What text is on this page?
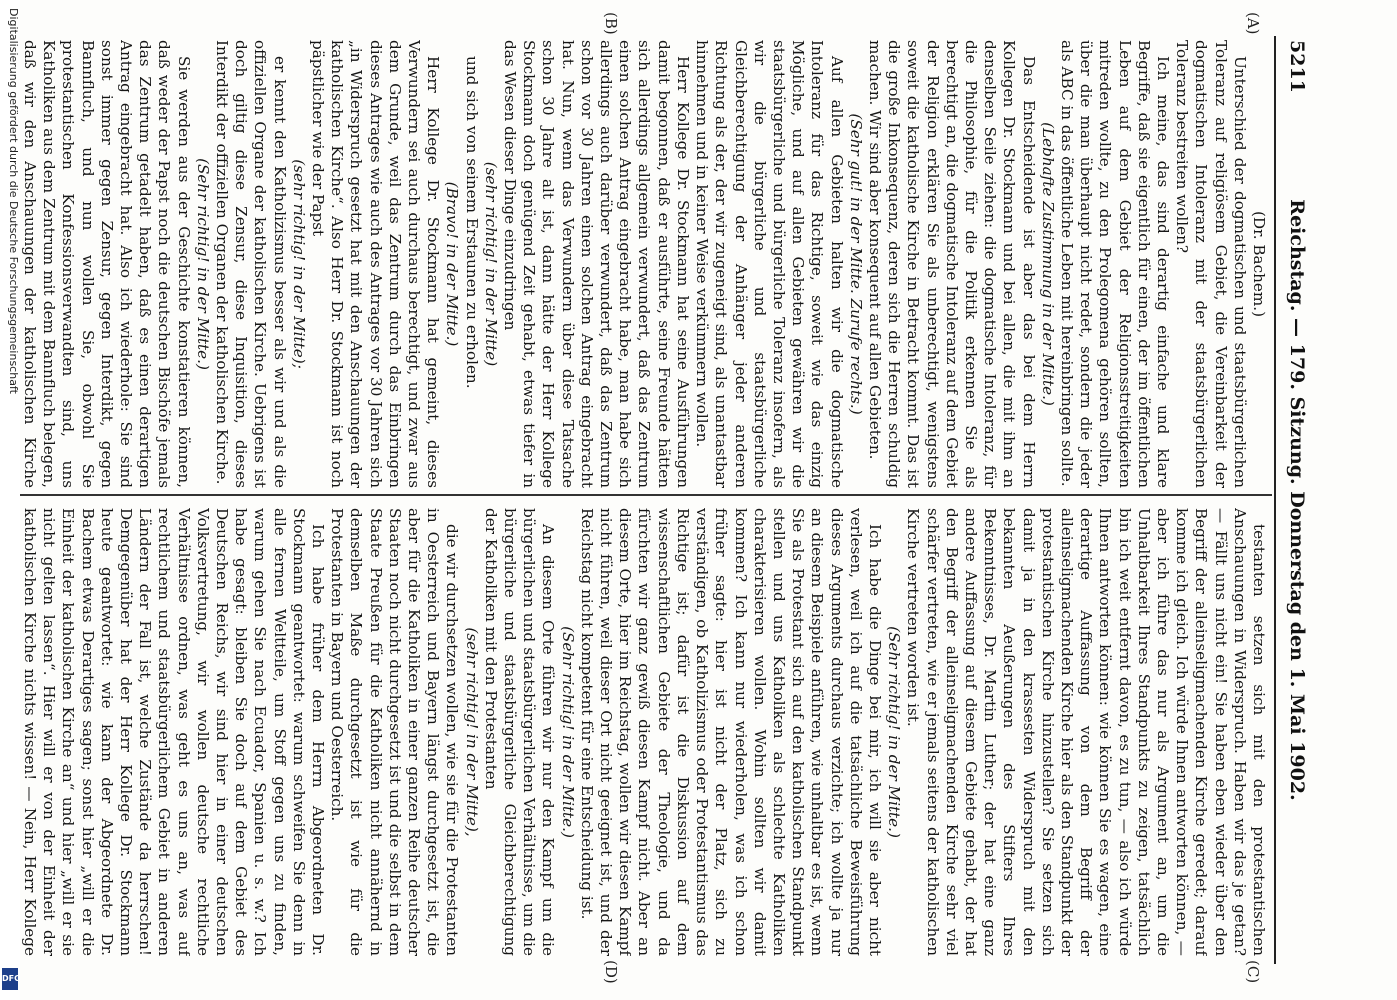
5211
Reichstag. — 179. Sitzung. Donnerstag den 1. Mai 1902.
(A)
(B)
(C)
(D)

(Dr. Bachem.)

Unterschied der dogmatischen und staatsbürgerlichen Toleranz auf religiösem Gebiet, die Vereinbarkeit der dogmatischen Intoleranz mit der staatsbürgerlichen Toleranz bestreiten wollen?

Ich meine, das sind derartig einfache und klare Begriffe, daß sie eigentlich für einen, der im öffentlichen Leben auf dem Gebiet der Religionsstreitigkeiten mitreden wollte, zu den Prolegomena gehören sollten, über die man überhaupt nicht redet, sondern die jeder als ABC in das öffentliche Leben mit hereinbringen sollte.

(Lebhafte Zustimmung in der Mitte.)

Das Entscheidende ist aber das bei dem Herrn Kollegen Dr. Stockmann und bei allen, die mit ihm an denselben Seile ziehen: die dogmatische Intoleranz, für die Philosophie, für die Politik erkennen Sie als berechtigt an, die dogmatische Intoleranz auf dem Gebiet der Religion erklären Sie als unberechtigt, wenigstens soweit die katholische Kirche in Betracht kommt. Das ist die große Inkonsequenz, deren sich die Herren schuldig machen. Wir sind aber konsequent auf allen Gebieten.

(Sehr gut! in der Mitte. Zurufe rechts.)

Auf allen Gebieten halten wir die dogmatische Intoleranz für das Richtige, soweit wie das einzig Mögliche, und auf allen Gebieten gewähren wir die staatsbürgerliche und bürgerliche Toleranz insofern, als wir die bürgerliche und staatsbürgerliche Gleichberechtigung der Anhänger jeder anderen Richtung als der, der wir zugeneigt sind, als unantastbar hinnehmen und in keiner Weise verkümmern wollen.

Herr Kollege Dr. Stockmann hat seine Ausführungen damit begonnen, daß er ausführte, seine Freunde hätten sich allerdings allgemein verwundert, daß das Zentrum einen solchen Antrag eingebracht habe, man habe sich allerdings auch darüber verwundert, daß das Zentrum schon vor 30 Jahren einen solchen Antrag eingebracht hat. Nun, wenn das Verwundern über diese Tatsache schon 30 Jahre alt ist, dann hätte der Herr Kollege Stockmann doch genügend Zeit gehabt, etwas tiefer in das Wesen dieser Dinge einzudringen

(sehr richtig! in der Mitte)

und sich von seinem Erstaunen zu erholen.

(Bravo! in der Mitte.)

Herr Kollege Dr. Stockmann hat gemeint, dieses Verwundern sei auch durchaus berechtigt, und zwar aus dem Grunde, weil das Zentrum durch das Einbringen dieses Antrages wie auch des Antrages vor 30 Jahren sich „in Widerspruch gesetzt hat mit den Anschauungen der katholischen Kirche“. Also Herr Dr. Stockmann ist noch päpstlicher wie der Papst

(sehr richtig! in der Mitte);

er kennt den Katholizismus besser als wir und als die offiziellen Organe der katholischen Kirche. Uebrigens ist doch giltig diese Zensur, diese Inquisition, dieses Interdikt der offiziellen Organen der katholischen Kirche.

(Sehr richtig! in der Mitte.)

Sie werden aus der Geschichte konstatieren können, daß weder der Papst noch die deutschen Bischöfe jemals das Zentrum getadelt haben, daß es einen derartigen Antrag eingebracht hat. Also ich wiederhole: Sie sind sonst immer gegen Zensur, gegen Interdikt, gegen Bannfluch, und nun wollen Sie, obwohl Sie protestantischen Konfessionsverwandten sind, uns Katholiken aus dem Zentrum mit dem Bannfluch belegen, daß wir den Anschauungen der katholischen Kirche

testanten setzen sich mit den protestantischen Anschauungen in Widerspruch. Haben wir das je getan? — Fällt uns nicht ein! Sie haben eben wieder über den Begriff der alleinseligmachenden Kirche geredet; darauf komme ich gleich. Ich würde Ihnen antworten können, — aber ich führe das nur als Argument an, um die Unhaltbarkeit Ihres Standpunkts zu zeigen, tatsächlich bin ich weit entfernt davon, es zu tun, — also ich würde Ihnen antworten können: wie können Sie es wagen, eine derartige Auffassung von dem Begriff der alleinseligmachenden Kirche hier als den Standpunkt der protestantischen Kirche hinzustellen? Sie setzen sich damit ja in den krassesten Widerspruch mit den bekannten Aeußerungen des Stifters Ihres Bekenntnisses, Dr. Martin Luther; der hat eine ganz andere Auffassung auf diesem Gebiete gehabt, der hat den Begriff der alleinseligmachenden Kirche sehr viel schärfer vertreten, wie er jemals seitens der katholischen Kirche vertreten worden ist.

(Sehr richtig! in der Mitte.)

Ich habe die Dinge bei mir, ich will sie aber nicht verlesen, weil ich auf die tatsächliche Beweisführung dieses Arguments durchaus verzichte; ich wollte ja nur an diesem Beispiele anführen, wie unhaltbar es ist, wenn Sie als Protestant sich auf den katholischen Standpunkt stellen und uns Katholiken als schlechte Katholiken charakterisieren wollen. Wohin sollten wir damit kommen? Ich kann nur wiederholen, was ich schon früher sagte: hier ist nicht der Platz, sich zu verständigen, ob Katholizismus oder Protestantismus das Richtige ist; dafür ist die Diskussion auf dem wissenschaftlichen Gebiete der Theologie, und da fürchten wir ganz gewiß diesen Kampf nicht. Aber an diesem Orte, hier im Reichstag, wollen wir diesen Kampf nicht führen, weil dieser Ort nicht geeignet ist, und der Reichstag nicht kompetent für eine Entscheidung ist.

(Sehr richtig! in der Mitte.)

An diesem Orte führen wir nur den Kampf um die bürgerlichen und staatsbürgerlichen Verhältnisse, um die bürgerliche und staatsbürgerliche Gleichberechtigung der Katholiken mit den Protestanten

(sehr richtig! in der Mitte),

die wir durchsetzen wollen, wie sie für die Protestanten in Oesterreich und Bayern längst durchgesetzt ist, die aber für die Katholiken in einer ganzen Reihe deutscher Staaten noch nicht durchgesetzt ist und die selbst in dem Staate Preußen für die Katholiken nicht annähernd in demselben Maße durchgesetzt ist wie für die Protestanten in Bayern und Oesterreich.

Ich habe früher dem Herrn Abgeordneten Dr. Stockmann geantwortet: warum schweifen Sie denn in alle fernen Weltteile, um Stoff gegen uns zu finden, warum gehen Sie nach Ecuador, Spanien u. s. w.? Ich habe gesagt: bleiben Sie doch auf dem Gebiet des Deutschen Reichs, wir sind hier in einer deutschen Volksvertretung, wir wollen deutsche rechtliche Verhältnisse ordnen, was geht es uns an, was auf rechtlichem und staatsbürgerlichem Gebiet in anderen Ländern der Fall ist, welche Zustände da herrschen! Demgegenüber hat der Herr Kollege Dr. Stockmann heute geantwortet: wie kann der Abgeordnete Dr. Bachem etwas Derartiges sagen; sonst hier „will er die Einheit der katholischen Kirche an“ und hier „will er sie nicht gelten lassen“. Hier will er von der Einheit der katholischen Kirche nichts wissen! — Nein, Herr Kollege

Digitalisierung gefördert durch die Deutsche Forschungsgemeinschaft
DFG
